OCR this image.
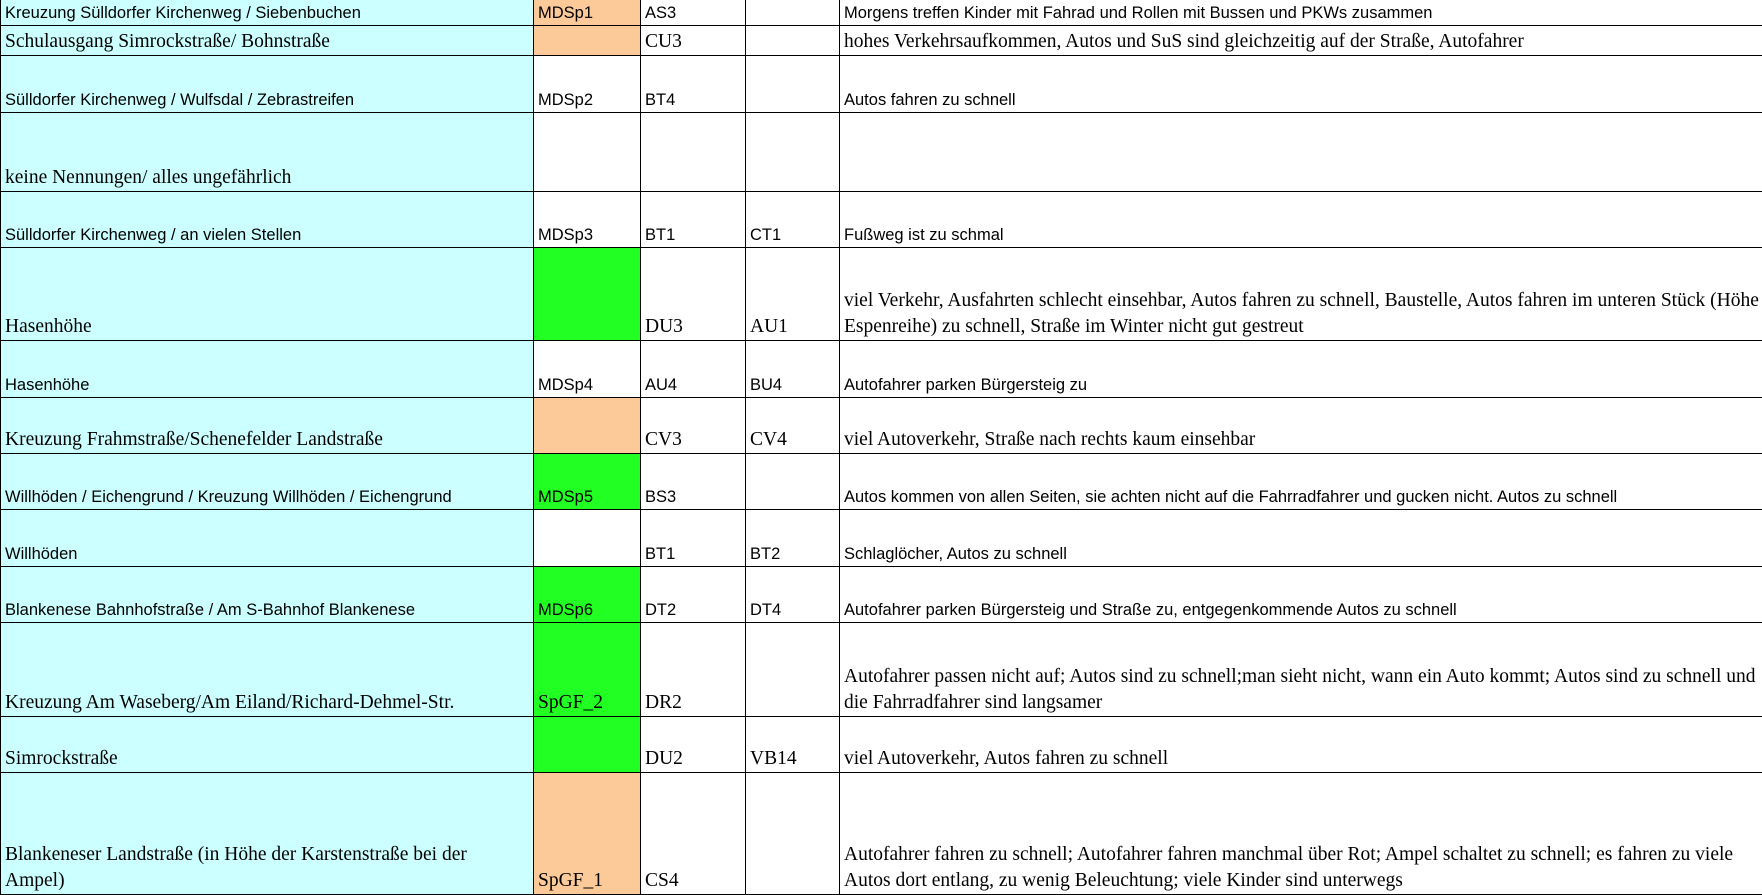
Kreuzung Sülldorfer Kirchenweg / Siebenbuchen	MDSp1	AS3		Morgens treffen Kinder mit Fahrad und Rollen mit Bussen und PKWs zusammen
Schulausgang Simrockstraße/ Bohnstraße		CU3		hohes Verkehrsaufkommen, Autos und SuS sind gleichzeitig auf der Straße, Autofahrer
Sülldorfer Kirchenweg / Wulfsdal / Zebrastreifen	MDSp2	BT4		Autos fahren zu schnell
keine Nennungen/ alles ungefährlich				
Sülldorfer Kirchenweg / an vielen Stellen	MDSp3	BT1	CT1	Fußweg ist zu schmal
Hasenhöhe		DU3	AU1	viel Verkehr, Ausfahrten schlecht einsehbar, Autos fahren zu schnell, Baustelle, Autos fahren im unteren Stück (Höhe Espenreihe) zu schnell, Straße im Winter nicht gut gestreut
Hasenhöhe	MDSp4	AU4	BU4	Autofahrer parken Bürgersteig zu
Kreuzung Frahmstraße/Schenefelder Landstraße		CV3	CV4	viel Autoverkehr, Straße nach rechts kaum einsehbar
Willhöden / Eichengrund / Kreuzung Willhöden / Eichengrund	MDSp5	BS3		Autos kommen von allen Seiten, sie achten nicht auf die Fahrradfahrer und gucken nicht. Autos zu schnell
Willhöden		BT1	BT2	Schlaglöcher, Autos zu schnell
Blankenese Bahnhofstraße / Am S-Bahnhof Blankenese	MDSp6	DT2	DT4	Autofahrer parken Bürgersteig und Straße zu, entgegenkommende Autos zu schnell
Kreuzung Am Waseberg/Am Eiland/Richard-Dehmel-Str.	SpGF_2	DR2		Autofahrer passen nicht auf; Autos sind zu schnell;man sieht nicht, wann ein Auto kommt; Autos sind zu schnell und die Fahrradfahrer sind langsamer
Simrockstraße		DU2	VB14	viel Autoverkehr, Autos fahren zu schnell
Blankeneser Landstraße (in Höhe der Karstenstraße bei der Ampel)	SpGF_1	CS4		Autofahrer fahren zu schnell; Autofahrer fahren manchmal über Rot; Ampel schaltet zu schnell; es fahren zu viele Autos dort entlang, zu wenig Beleuchtung; viele Kinder sind unterwegs
